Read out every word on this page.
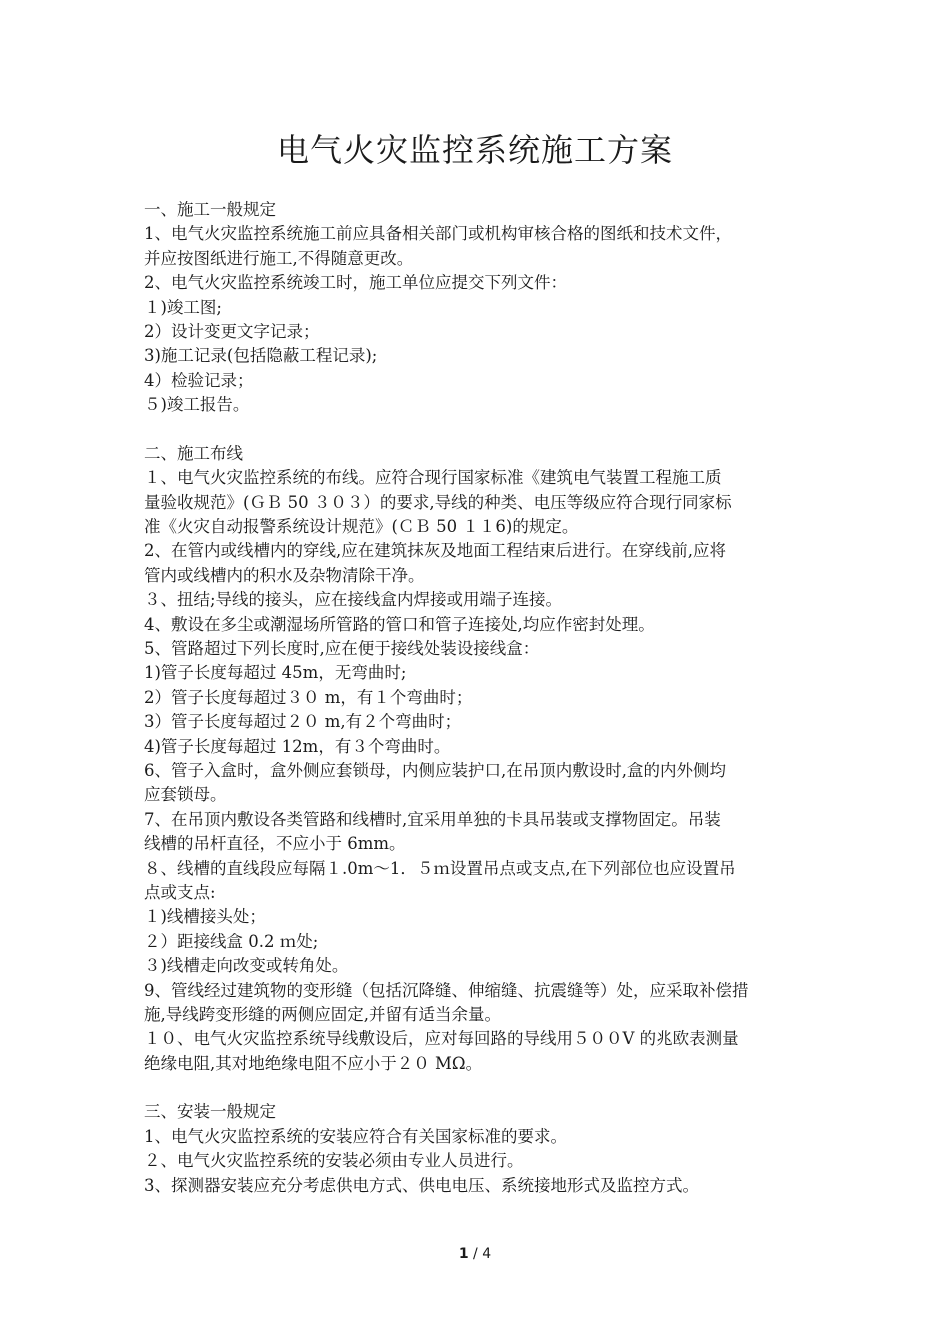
电气火灾监控系统施工方案
一、施工一般规定
1、电气火灾监控系统施工前应具备相关部门或机构审核合格的图纸和技术文件，
并应按图纸进行施工,不得随意更改。
2、电气火灾监控系统竣工时，施工单位应提交下列文件：
１)竣工图;
2）设计变更文字记录；
3)施工记录(包括隐蔽工程记录);
4）检验记录；
５)竣工报告。
二、施工布线
１、电气火灾监控系统的布线。应符合现行国家标准《建筑电气装置工程施工质
量验收规范》(ＧＢ 50 ３０３）的要求,导线的种类、电压等级应符合现行同家标
准《火灾自动报警系统设计规范》(ＣＢ 50 １１6)的规定。
2、在管内或线槽内的穿线,应在建筑抹灰及地面工程结束后进行。在穿线前,应将
管内或线槽内的积水及杂物清除干净。
３、扭结;导线的接头，应在接线盒内焊接或用端子连接。
4、敷设在多尘或潮湿场所管路的管口和管子连接处,均应作密封处理。
5、管路超过下列长度时,应在便于接线处装设接线盒：
1)管子长度每超过 45m，无弯曲时;
2）管子长度每超过３０ m，有１个弯曲时；
3）管子长度每超过２０ m,有２个弯曲时；
4)管子长度每超过 12m，有３个弯曲时。
6、管子入盒时，盒外侧应套锁母，内侧应装护口,在吊顶内敷设时,盒的内外侧均
应套锁母。
7、在吊顶内敷设各类管路和线槽时,宜采用单独的卡具吊装或支撑物固定。吊装
线槽的吊杆直径，不应小于 6mm。
８、线槽的直线段应每隔１.0m～1．５ｍ设置吊点或支点,在下列部位也应设置吊
点或支点:
１)线槽接头处；
２）距接线盒 0.2 ｍ处;
３)线槽走向改变或转角处。
9、管线经过建筑物的变形缝（包括沉降缝、伸缩缝、抗震缝等）处，应采取补偿措
施,导线跨变形缝的两侧应固定,并留有适当余量。
１０、电气火灾监控系统导线敷设后，应对每回路的导线用５００V 的兆欧表测量
绝缘电阻,其对地绝缘电阻不应小于２０ MΩ。
三、安装一般规定
1、电气火灾监控系统的安装应符合有关国家标准的要求。
２、电气火灾监控系统的安装必须由专业人员进行。
3、探测器安装应充分考虑供电方式、供电电压、系统接地形式及监控方式。
1 / 4
